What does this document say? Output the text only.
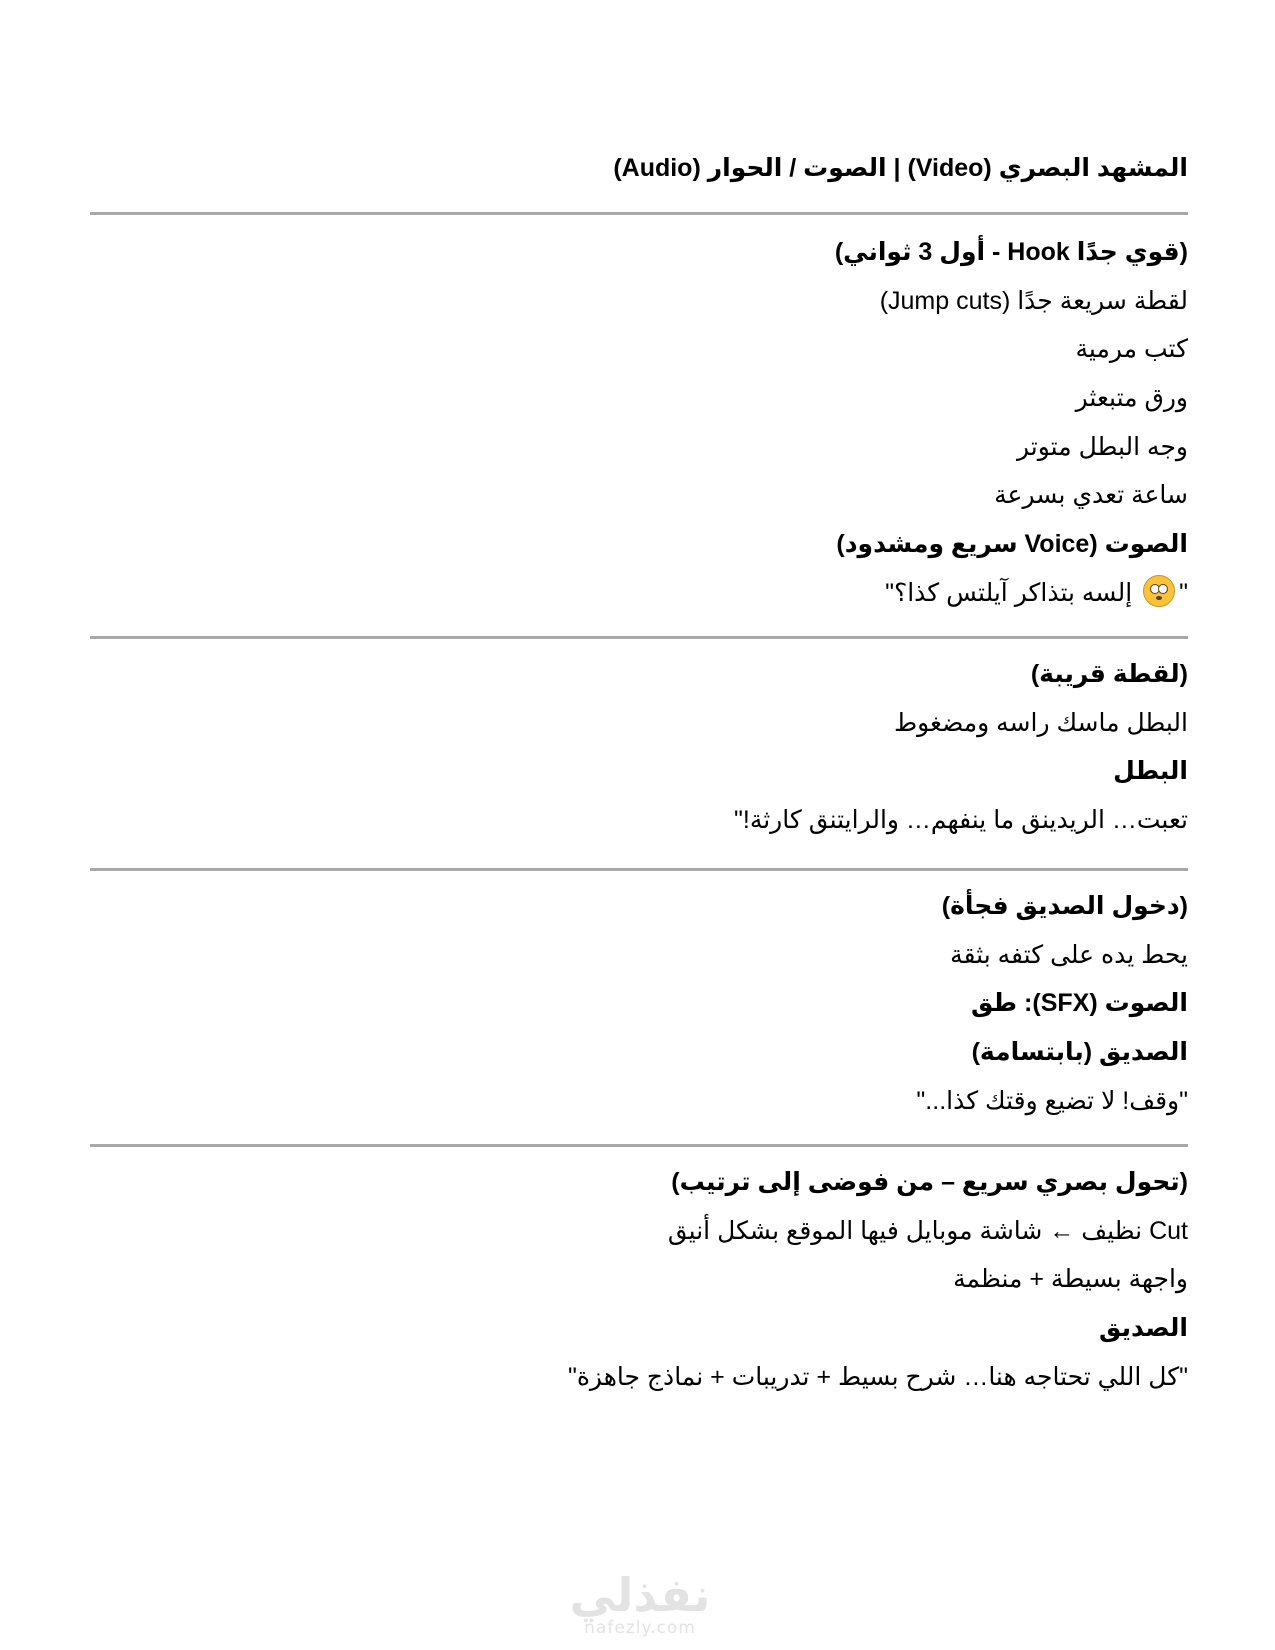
المشهد البصري (Video) | الصوت / الحوار (Audio)
(قوي جدًا Hook - أول 3 ثواني)
لقطة سريعة جدًا (Jump cuts)
كتب مرمية
ورق متبعثر
وجه البطل متوتر
ساعة تعدي بسرعة
الصوت (Voice سريع ومشدود)
"
إلسه بتذاكر آيلتس كذا؟"
(لقطة قريبة)
البطل ماسك راسه ومضغوط
البطل
تعبت… الريدينق ما ينفهم… والرايتنق كارثة!"
(دخول الصديق فجأة)
يحط يده على كتفه بثقة
الصوت (SFX): طق
الصديق (بابتسامة)
"وقف! لا تضيع وقتك كذا..."
(تحول بصري سريع – من فوضى إلى ترتيب)
Cut نظيف ← شاشة موبايل فيها الموقع بشكل أنيق
واجهة بسيطة + منظمة
الصديق
"كل اللي تحتاجه هنا… شرح بسيط + تدريبات + نماذج جاهزة"
نفذلي
nafezly.com
